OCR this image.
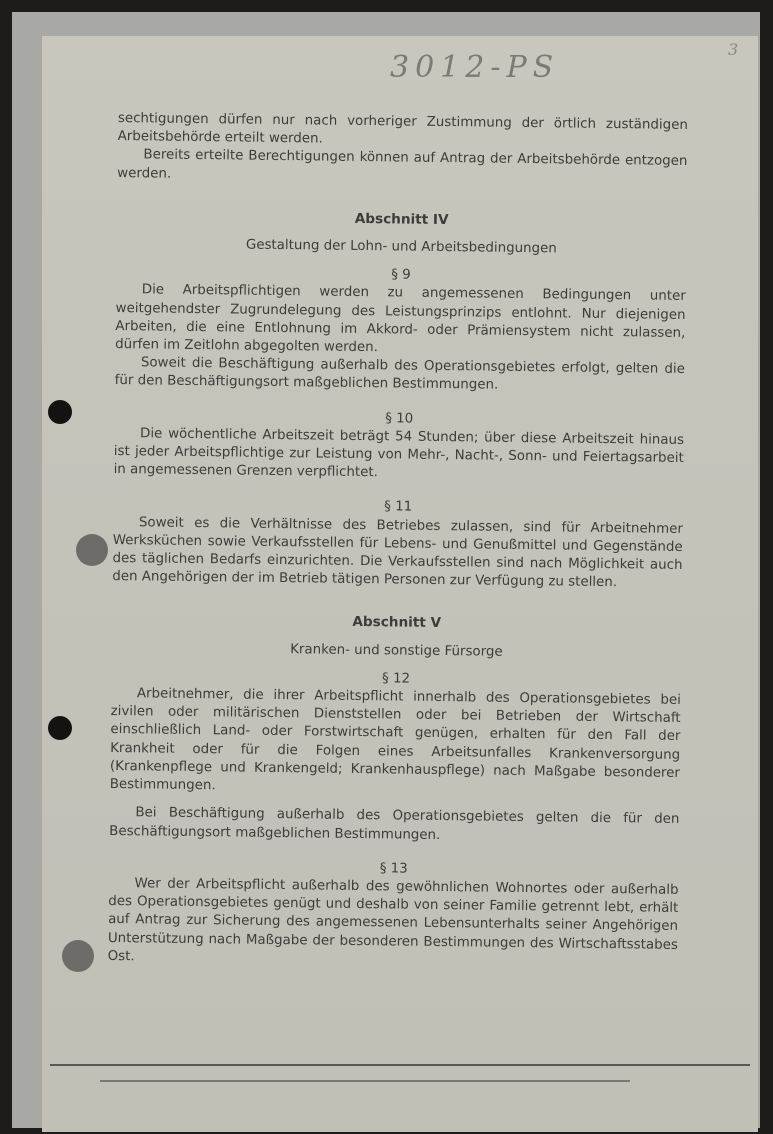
3012-PS
3

sechtigungen dürfen nur nach vorheriger Zustimmung der örtlich zuständigen Arbeitsbehörde erteilt werden.

Bereits erteilte Berechtigungen können auf Antrag der Arbeitsbehörde entzogen werden.

Abschnitt IV

Gestaltung der Lohn- und Arbeitsbedingungen

§ 9

Die Arbeitspflichtigen werden zu angemessenen Bedingungen unter weitgehendster Zugrundelegung des Leistungsprinzips entlohnt. Nur diejenigen Arbeiten, die eine Entlohnung im Akkord- oder Prämiensystem nicht zulassen, dürfen im Zeitlohn abgegolten werden.

Soweit die Beschäftigung außerhalb des Operationsgebietes erfolgt, gelten die für den Beschäftigungsort maßgeblichen Bestimmungen.

§ 10

Die wöchentliche Arbeitszeit beträgt 54 Stunden; über diese Arbeitszeit hinaus ist jeder Arbeitspflichtige zur Leistung von Mehr-, Nacht-, Sonn- und Feiertagsarbeit in angemessenen Grenzen verpflichtet.

§ 11

Soweit es die Verhältnisse des Betriebes zulassen, sind für Arbeitnehmer Werksküchen sowie Verkaufsstellen für Lebens- und Genußmittel und Gegenstände des täglichen Bedarfs einzurichten. Die Verkaufsstellen sind nach Möglichkeit auch den Angehörigen der im Betrieb tätigen Personen zur Verfügung zu stellen.

Abschnitt V

Kranken- und sonstige Fürsorge

§ 12

Arbeitnehmer, die ihrer Arbeitspflicht innerhalb des Operationsgebietes bei zivilen oder militärischen Dienststellen oder bei Betrieben der Wirtschaft einschließlich Land- oder Forstwirtschaft genügen, erhalten für den Fall der Krankheit oder für die Folgen eines Arbeitsunfalles Krankenversorgung (Krankenpflege und Krankengeld; Krankenhauspflege) nach Maßgabe besonderer Bestimmungen.

Bei Beschäftigung außerhalb des Operationsgebietes gelten die für den Beschäftigungsort maßgeblichen Bestimmungen.

§ 13

Wer der Arbeitspflicht außerhalb des gewöhnlichen Wohnortes oder außerhalb des Operationsgebietes genügt und deshalb von seiner Familie getrennt lebt, erhält auf Antrag zur Sicherung des angemessenen Lebensunterhalts seiner Angehörigen Unterstützung nach Maßgabe der besonderen Bestimmungen des Wirtschaftsstabes Ost.
